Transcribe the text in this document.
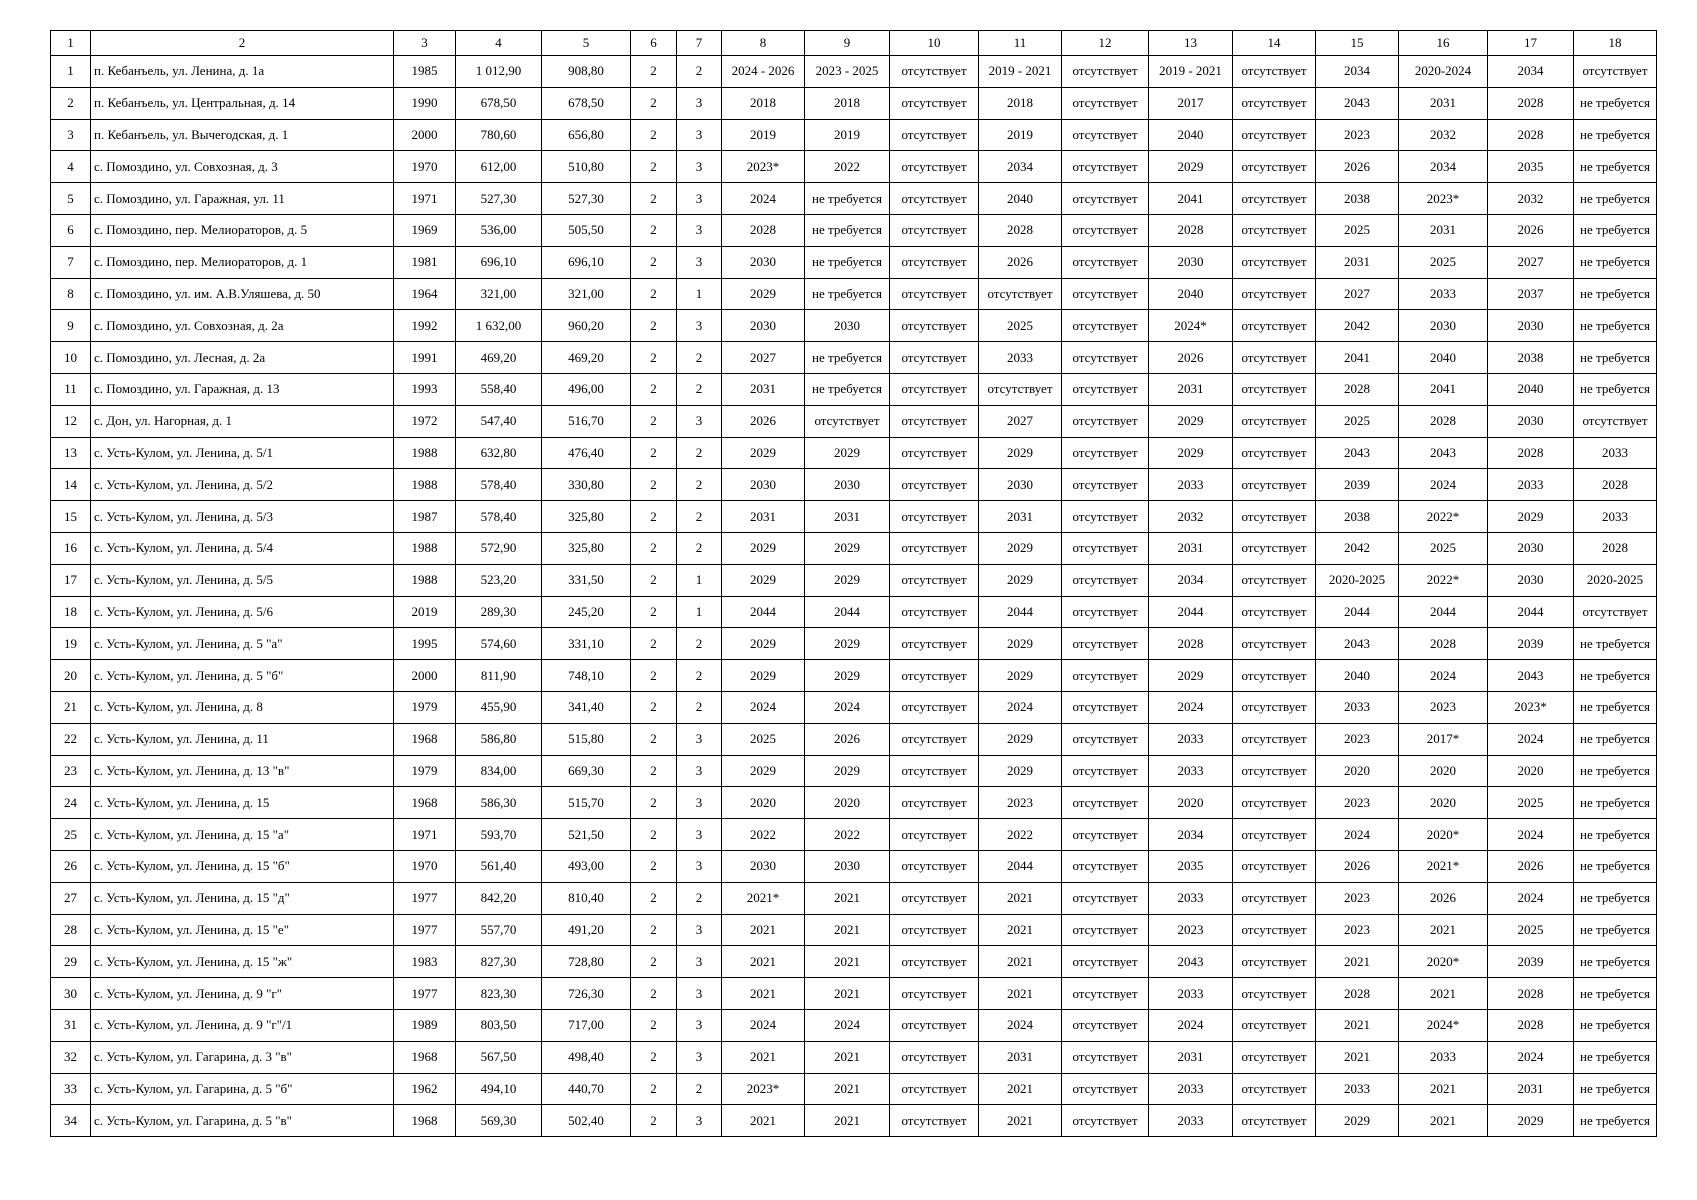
1	2	3	4	5	6	7	8	9	10	11	12	13	14	15	16	17	18
1	п. Кебанъель, ул. Ленина, д. 1а	1985	1 012,90	908,80	2	2	2024 - 2026	2023 - 2025	отсутствует	2019 - 2021	отсутствует	2019 - 2021	отсутствует	2034	2020-2024	2034	отсутствует
2	п. Кебанъель, ул. Центральная, д. 14	1990	678,50	678,50	2	3	2018	2018	отсутствует	2018	отсутствует	2017	отсутствует	2043	2031	2028	не требуется
3	п. Кебанъель, ул. Вычегодская, д. 1	2000	780,60	656,80	2	3	2019	2019	отсутствует	2019	отсутствует	2040	отсутствует	2023	2032	2028	не требуется
4	с. Помоздино, ул. Совхозная, д. 3	1970	612,00	510,80	2	3	2023*	2022	отсутствует	2034	отсутствует	2029	отсутствует	2026	2034	2035	не требуется
5	с. Помоздино, ул. Гаражная, ул. 11	1971	527,30	527,30	2	3	2024	не требуется	отсутствует	2040	отсутствует	2041	отсутствует	2038	2023*	2032	не требуется
6	с. Помоздино, пер. Мелиораторов, д. 5	1969	536,00	505,50	2	3	2028	не требуется	отсутствует	2028	отсутствует	2028	отсутствует	2025	2031	2026	не требуется
7	с. Помоздино, пер. Мелиораторов, д. 1	1981	696,10	696,10	2	3	2030	не требуется	отсутствует	2026	отсутствует	2030	отсутствует	2031	2025	2027	не требуется
8	с. Помоздино, ул. им. А.В.Уляшева, д. 50	1964	321,00	321,00	2	1	2029	не требуется	отсутствует	отсутствует	отсутствует	2040	отсутствует	2027	2033	2037	не требуется
9	с. Помоздино, ул. Совхозная, д. 2а	1992	1 632,00	960,20	2	3	2030	2030	отсутствует	2025	отсутствует	2024*	отсутствует	2042	2030	2030	не требуется
10	с. Помоздино, ул. Лесная, д. 2а	1991	469,20	469,20	2	2	2027	не требуется	отсутствует	2033	отсутствует	2026	отсутствует	2041	2040	2038	не требуется
11	с. Помоздино, ул. Гаражная, д. 13	1993	558,40	496,00	2	2	2031	не требуется	отсутствует	отсутствует	отсутствует	2031	отсутствует	2028	2041	2040	не требуется
12	с. Дон, ул. Нагорная, д. 1	1972	547,40	516,70	2	3	2026	отсутствует	отсутствует	2027	отсутствует	2029	отсутствует	2025	2028	2030	отсутствует
13	с. Усть-Кулом, ул. Ленина, д. 5/1	1988	632,80	476,40	2	2	2029	2029	отсутствует	2029	отсутствует	2029	отсутствует	2043	2043	2028	2033
14	с. Усть-Кулом, ул. Ленина, д. 5/2	1988	578,40	330,80	2	2	2030	2030	отсутствует	2030	отсутствует	2033	отсутствует	2039	2024	2033	2028
15	с. Усть-Кулом, ул. Ленина, д. 5/3	1987	578,40	325,80	2	2	2031	2031	отсутствует	2031	отсутствует	2032	отсутствует	2038	2022*	2029	2033
16	с. Усть-Кулом, ул. Ленина, д. 5/4	1988	572,90	325,80	2	2	2029	2029	отсутствует	2029	отсутствует	2031	отсутствует	2042	2025	2030	2028
17	с. Усть-Кулом, ул. Ленина, д. 5/5	1988	523,20	331,50	2	1	2029	2029	отсутствует	2029	отсутствует	2034	отсутствует	2020-2025	2022*	2030	2020-2025
18	с. Усть-Кулом, ул. Ленина, д. 5/6	2019	289,30	245,20	2	1	2044	2044	отсутствует	2044	отсутствует	2044	отсутствует	2044	2044	2044	отсутствует
19	с. Усть-Кулом, ул. Ленина, д. 5 "а"	1995	574,60	331,10	2	2	2029	2029	отсутствует	2029	отсутствует	2028	отсутствует	2043	2028	2039	не требуется
20	с. Усть-Кулом, ул. Ленина, д. 5 "б"	2000	811,90	748,10	2	2	2029	2029	отсутствует	2029	отсутствует	2029	отсутствует	2040	2024	2043	не требуется
21	с. Усть-Кулом, ул. Ленина, д. 8	1979	455,90	341,40	2	2	2024	2024	отсутствует	2024	отсутствует	2024	отсутствует	2033	2023	2023*	не требуется
22	с. Усть-Кулом, ул. Ленина, д. 11	1968	586,80	515,80	2	3	2025	2026	отсутствует	2029	отсутствует	2033	отсутствует	2023	2017*	2024	не требуется
23	с. Усть-Кулом, ул. Ленина, д. 13 "в"	1979	834,00	669,30	2	3	2029	2029	отсутствует	2029	отсутствует	2033	отсутствует	2020	2020	2020	не требуется
24	с. Усть-Кулом, ул. Ленина, д. 15	1968	586,30	515,70	2	3	2020	2020	отсутствует	2023	отсутствует	2020	отсутствует	2023	2020	2025	не требуется
25	с. Усть-Кулом, ул. Ленина, д. 15 "а"	1971	593,70	521,50	2	3	2022	2022	отсутствует	2022	отсутствует	2034	отсутствует	2024	2020*	2024	не требуется
26	с. Усть-Кулом, ул. Ленина, д. 15 "б"	1970	561,40	493,00	2	3	2030	2030	отсутствует	2044	отсутствует	2035	отсутствует	2026	2021*	2026	не требуется
27	с. Усть-Кулом, ул. Ленина, д. 15 "д"	1977	842,20	810,40	2	2	2021*	2021	отсутствует	2021	отсутствует	2033	отсутствует	2023	2026	2024	не требуется
28	с. Усть-Кулом, ул. Ленина, д. 15 "е"	1977	557,70	491,20	2	3	2021	2021	отсутствует	2021	отсутствует	2023	отсутствует	2023	2021	2025	не требуется
29	с. Усть-Кулом, ул. Ленина, д. 15 "ж"	1983	827,30	728,80	2	3	2021	2021	отсутствует	2021	отсутствует	2043	отсутствует	2021	2020*	2039	не требуется
30	с. Усть-Кулом, ул. Ленина, д. 9 "г"	1977	823,30	726,30	2	3	2021	2021	отсутствует	2021	отсутствует	2033	отсутствует	2028	2021	2028	не требуется
31	с. Усть-Кулом, ул. Ленина, д. 9 "г"/1	1989	803,50	717,00	2	3	2024	2024	отсутствует	2024	отсутствует	2024	отсутствует	2021	2024*	2028	не требуется
32	с. Усть-Кулом, ул. Гагарина, д. 3 "в"	1968	567,50	498,40	2	3	2021	2021	отсутствует	2031	отсутствует	2031	отсутствует	2021	2033	2024	не требуется
33	с. Усть-Кулом, ул. Гагарина, д. 5 "б"	1962	494,10	440,70	2	2	2023*	2021	отсутствует	2021	отсутствует	2033	отсутствует	2033	2021	2031	не требуется
34	с. Усть-Кулом, ул. Гагарина, д. 5 "в"	1968	569,30	502,40	2	3	2021	2021	отсутствует	2021	отсутствует	2033	отсутствует	2029	2021	2029	не требуется
